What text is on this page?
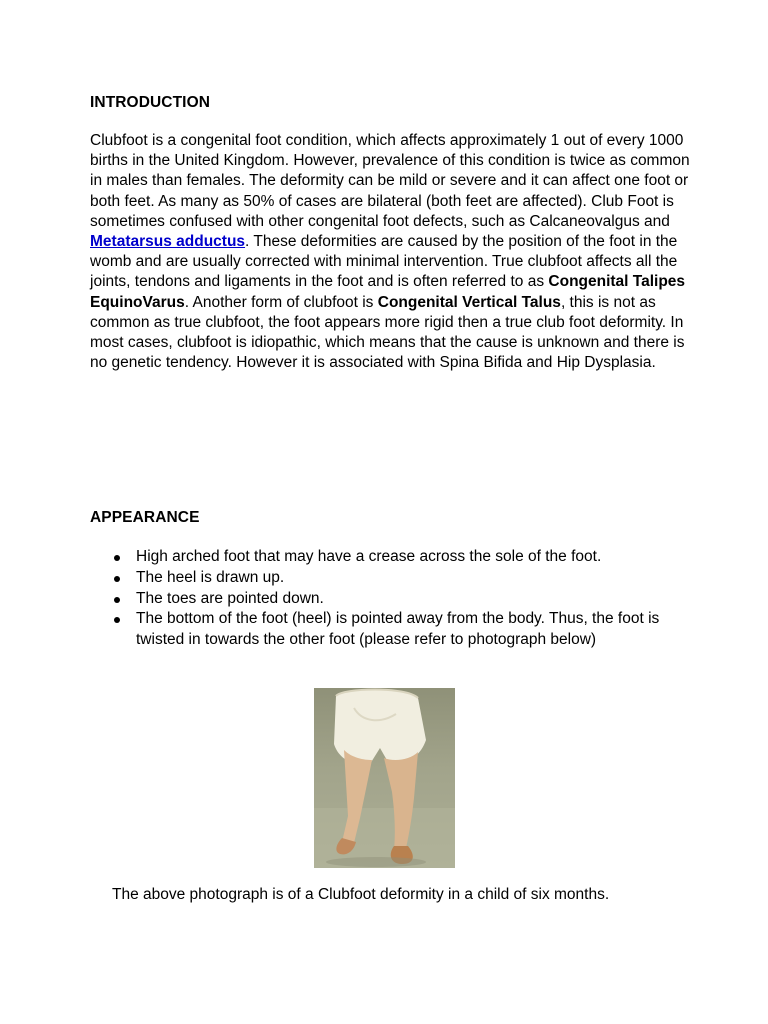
INTRODUCTION

Clubfoot is a congenital foot condition, which affects approximately 1 out of every 1000 births in the United Kingdom. However, prevalence of this condition is twice as common in males than females. The deformity can be mild or severe and it can affect one foot or both feet. As many as 50% of cases are bilateral (both feet are affected). Club Foot is sometimes confused with other congenital foot defects, such as Calcaneovalgus and Metatarsus adductus. These deformities are caused by the position of the foot in the womb and are usually corrected with minimal intervention. True clubfoot affects all the joints, tendons and ligaments in the foot and is often referred to as Congenital Talipes EquinoVarus. Another form of clubfoot is Congenital Vertical Talus, this is not as common as true clubfoot, the foot appears more rigid then a true club foot deformity. In most cases, clubfoot is idiopathic, which means that the cause is unknown and there is no genetic tendency. However it is associated with Spina Bifida and Hip Dysplasia.

APPEARANCE
High arched foot that may have a crease across the sole of the foot.
The heel is drawn up.
The toes are pointed down.
The bottom of the foot (heel) is pointed away from the body. Thus, the foot is twisted in towards the other foot (please refer to photograph below)

The above photograph is of a Clubfoot deformity in a child of six months.
